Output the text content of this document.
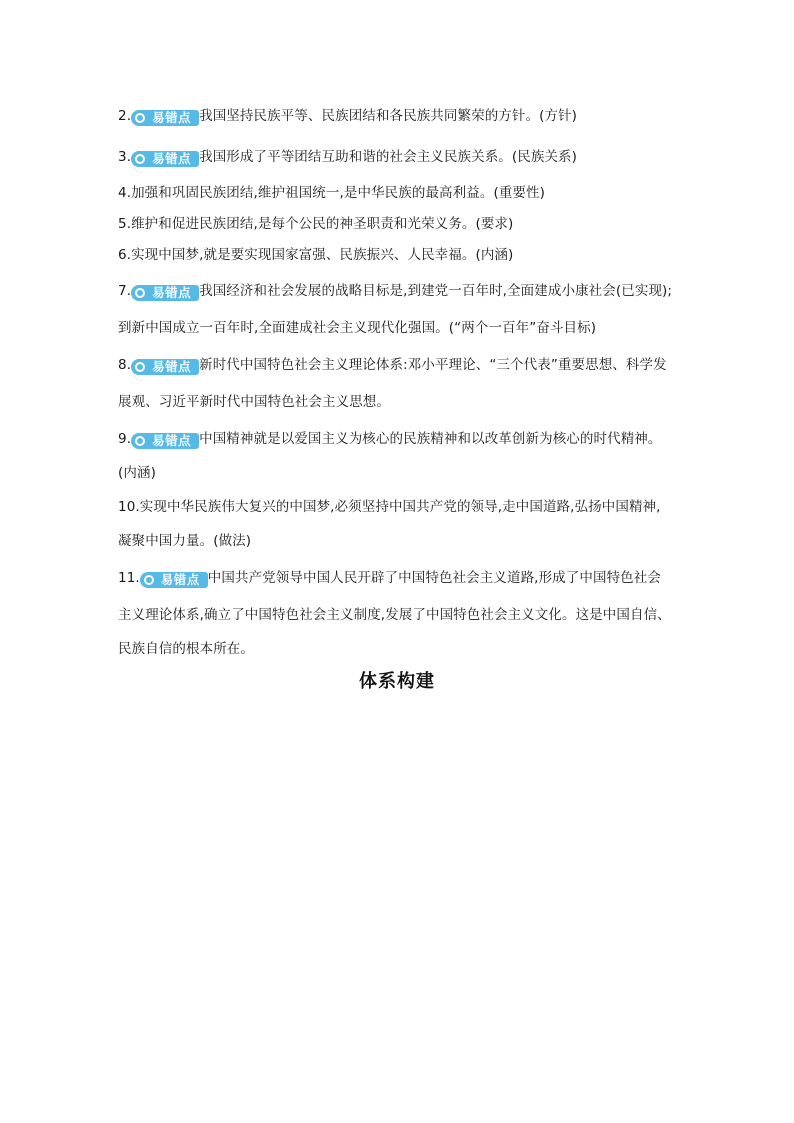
2. 易错点 我国坚持民族平等、民族团结和各民族共同繁荣的方针。(方针)
3. 易错点 我国形成了平等团结互助和谐的社会主义民族关系。(民族关系)
4.加强和巩固民族团结,维护祖国统一,是中华民族的最高利益。(重要性)
5.维护和促进民族团结,是每个公民的神圣职责和光荣义务。(要求)
6.实现中国梦,就是要实现国家富强、民族振兴、人民幸福。(内涵)
7. 易错点 我国经济和社会发展的战略目标是,到建党一百年时,全面建成小康社会(已实现);
到新中国成立一百年时,全面建成社会主义现代化强国。(“两个一百年”奋斗目标)
8. 易错点 新时代中国特色社会主义理论体系:邓小平理论、“三个代表”重要思想、科学发
展观、习近平新时代中国特色社会主义思想。
9. 易错点 中国精神就是以爱国主义为核心的民族精神和以改革创新为核心的时代精神。
(内涵)
10.实现中华民族伟大复兴的中国梦,必须坚持中国共产党的领导,走中国道路,弘扬中国精神,
凝聚中国力量。(做法)
11. 易错点 中国共产党领导中国人民开辟了中国特色社会主义道路,形成了中国特色社会
主义理论体系,确立了中国特色社会主义制度,发展了中国特色社会主义文化。这是中国自信、
民族自信的根本所在。
体系构建
